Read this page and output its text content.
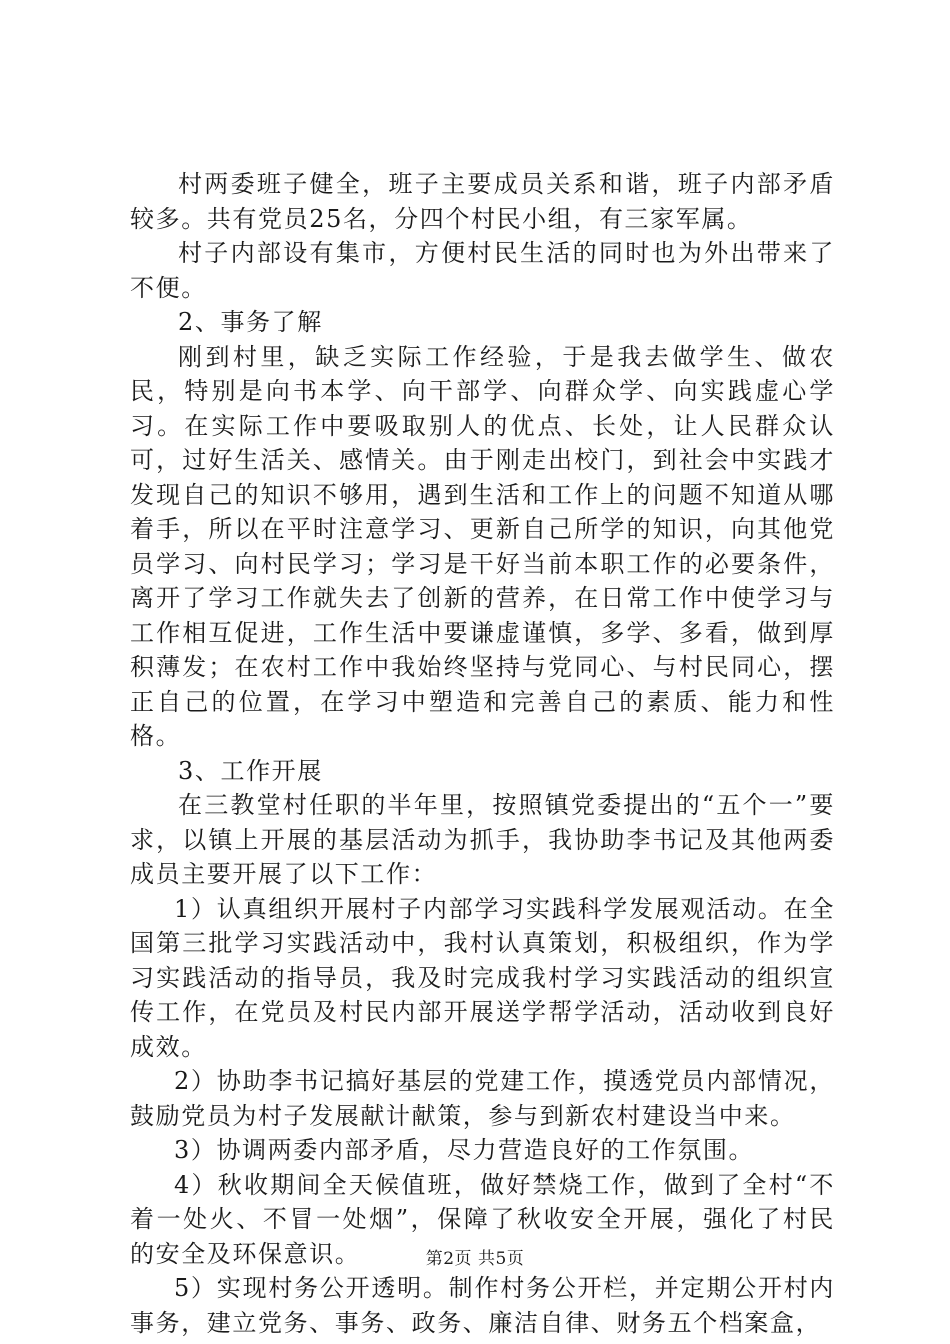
村两委班子健全，班子主要成员关系和谐，班子内部矛盾较多。共有党员25名，分四个村民小组，有三家军属。

村子内部设有集市，方便村民生活的同时也为外出带来了不便。

2、事务了解

刚到村里，缺乏实际工作经验，于是我去做学生、做农民，特别是向书本学、向干部学、向群众学、向实践虚心学习。在实际工作中要吸取别人的优点、长处，让人民群众认可，过好生活关、感情关。由于刚走出校门，到社会中实践才发现自己的知识不够用，遇到生活和工作上的问题不知道从哪着手，所以在平时注意学习、更新自己所学的知识，向其他党员学习、向村民学习；学习是干好当前本职工作的必要条件，离开了学习工作就失去了创新的营养，在日常工作中使学习与工作相互促进，工作生活中要谦虚谨慎，多学、多看，做到厚积薄发；在农村工作中我始终坚持与党同心、与村民同心，摆正自己的位置，在学习中塑造和完善自己的素质、能力和性格。

3、工作开展

在三教堂村任职的半年里，按照镇党委提出的“五个一”要求，以镇上开展的基层活动为抓手，我协助李书记及其他两委成员主要开展了以下工作：

1）认真组织开展村子内部学习实践科学发展观活动。在全国第三批学习实践活动中，我村认真策划，积极组织，作为学习实践活动的指导员，我及时完成我村学习实践活动的组织宣传工作，在党员及村民内部开展送学帮学活动，活动收到良好成效。

2）协助李书记搞好基层的党建工作，摸透党员内部情况，鼓励党员为村子发展献计献策，参与到新农村建设当中来。

3）协调两委内部矛盾，尽力营造良好的工作氛围。

4）秋收期间全天候值班，做好禁烧工作，做到了全村“不着一处火、不冒一处烟”，保障了秋收安全开展，强化了村民的安全及环保意识。

5）实现村务公开透明。制作村务公开栏，并定期公开村内事务，建立党务、事务、政务、廉洁自律、财务五个档案盒，

第2页 共5页
